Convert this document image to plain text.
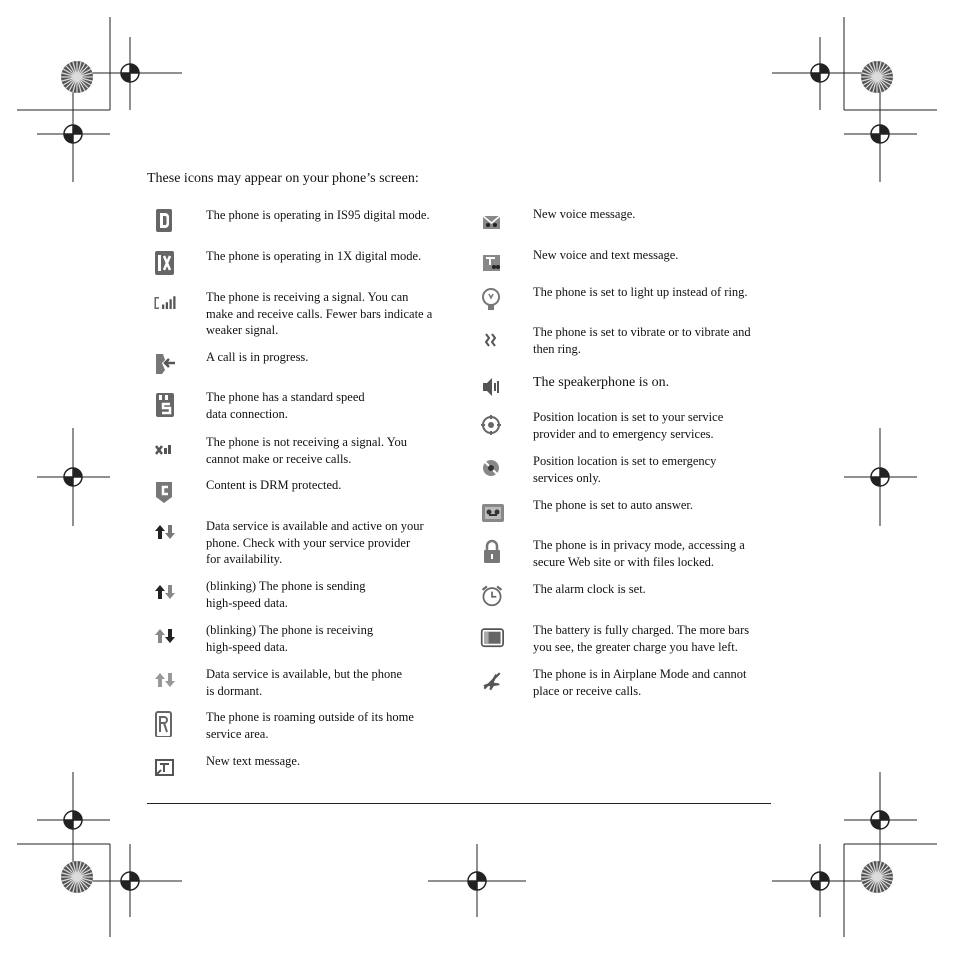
These icons may appear on your phone’s screen:
The phone is operating in IS95 digital mode.
The phone is operating in 1X digital mode.
The phone is receiving a signal. You can
make and receive calls. Fewer bars indicate a
weaker signal.
A call is in progress.
The phone has a standard speed
data connection.
The phone is not receiving a signal. You
cannot make or receive calls.
Content is DRM protected.
Data service is available and active on your
phone. Check with your service provider
for availability.
(blinking) The phone is sending
high-speed data.
(blinking) The phone is receiving
high-speed data.
Data service is available, but the phone
is dormant.
The phone is roaming outside of its home
service area.
New text message.
New voice message.
New voice and text message.
The phone is set to light up instead of ring.
The phone is set to vibrate or to vibrate and
then ring.
The speakerphone is on.
Position location is set to your service
provider and to emergency services.
Position location is set to emergency
services only.
The phone is set to auto answer.
The phone is in privacy mode, accessing a
secure Web site or with files locked.
The alarm clock is set.
The battery is fully charged. The more bars
you see, the greater charge you have left.
The phone is in Airplane Mode and cannot
place or receive calls.
